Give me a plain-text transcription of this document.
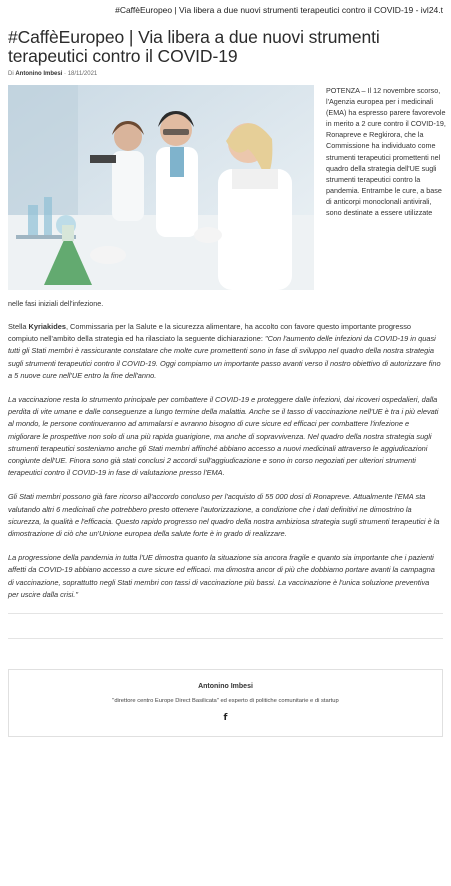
#CaffèEuropeo | Via libera a due nuovi strumenti terapeutici contro il COVID-19 - ivl24.t
#CaffèEuropeo | Via libera a due nuovi strumenti terapeutici contro il COVID-19
Di Antonino Imbesi · 18/11/2021
POTENZA – Il 12 novembre scorso, l'Agenzia europea per i medicinali (EMA) ha espresso parere favorevole in merito a 2 cure contro il COVID-19, Ronapreve e Regkirora, che la Commissione ha individuato come strumenti terapeutici promettenti nel quadro della strategia dell'UE sugli strumenti terapeutici contro la pandemia. Entrambe le cure, a base di anticorpi monoclonali antivirali, sono destinate a essere utilizzate
nelle fasi iniziali dell'infezione.

Stella Kyriakides, Commissaria per la Salute e la sicurezza alimentare, ha accolto con favore questo importante progresso compiuto nell'ambito della strategia ed ha rilasciato la seguente dichiarazione: "Con l'aumento delle infezioni da COVID-19 in quasi tutti gli Stati membri è rassicurante constatare che molte cure promettenti sono in fase di sviluppo nel quadro della nostra strategia sugli strumenti terapeutici contro il COVID-19. Oggi compiamo un importante passo avanti verso il nostro obiettivo di autorizzare fino a 5 nuove cure nell'UE entro la fine dell'anno.

La vaccinazione resta lo strumento principale per combattere il COVID-19 e proteggere dalle infezioni, dai ricoveri ospedalieri, dalla perdita di vite umane e dalle conseguenze a lungo termine della malattia. Anche se il tasso di vaccinazione nell'UE è tra i più elevati al mondo, le persone continueranno ad ammalarsi e avranno bisogno di cure sicure ed efficaci per combattere l'infezione e migliorare le prospettive non solo di una più rapida guarigione, ma anche di sopravvivenza. Nel quadro della nostra strategia sugli strumenti terapeutici sosteniamo anche gli Stati membri affinché abbiano accesso a nuovi medicinali attraverso le aggiudicazioni congiunte dell'UE. Finora sono già stati conclusi 2 accordi sull'aggiudicazione e sono in corso negoziati per ulteriori strumenti terapeutici contro il COVID-19 in fase di valutazione presso l'EMA.

Gli Stati membri possono già fare ricorso all'accordo concluso per l'acquisto di 55 000 dosi di Ronapreve. Attualmente l'EMA sta valutando altri 6 medicinali che potrebbero presto ottenere l'autorizzazione, a condizione che i dati definitivi ne dimostrino la sicurezza, la qualità e l'efficacia. Questo rapido progresso nel quadro della nostra ambiziosa strategia sugli strumenti terapeutici è la dimostrazione di ciò che un'Unione europea della salute forte è in grado di realizzare.

La progressione della pandemia in tutta l'UE dimostra quanto la situazione sia ancora fragile e quanto sia importante che i pazienti affetti da COVID-19 abbiano accesso a cure sicure ed efficaci. ma dimostra ancor di più che dobbiamo portare avanti la campagna di vaccinazione, soprattutto negli Stati membri con tassi di vaccinazione più bassi. La vaccinazione è l'unica soluzione preventiva per uscire dalla crisi."

Antonino Imbesi
"direttore centro Europe Direct Basilicata" ed esperto di politiche comunitarie e di startup
f
